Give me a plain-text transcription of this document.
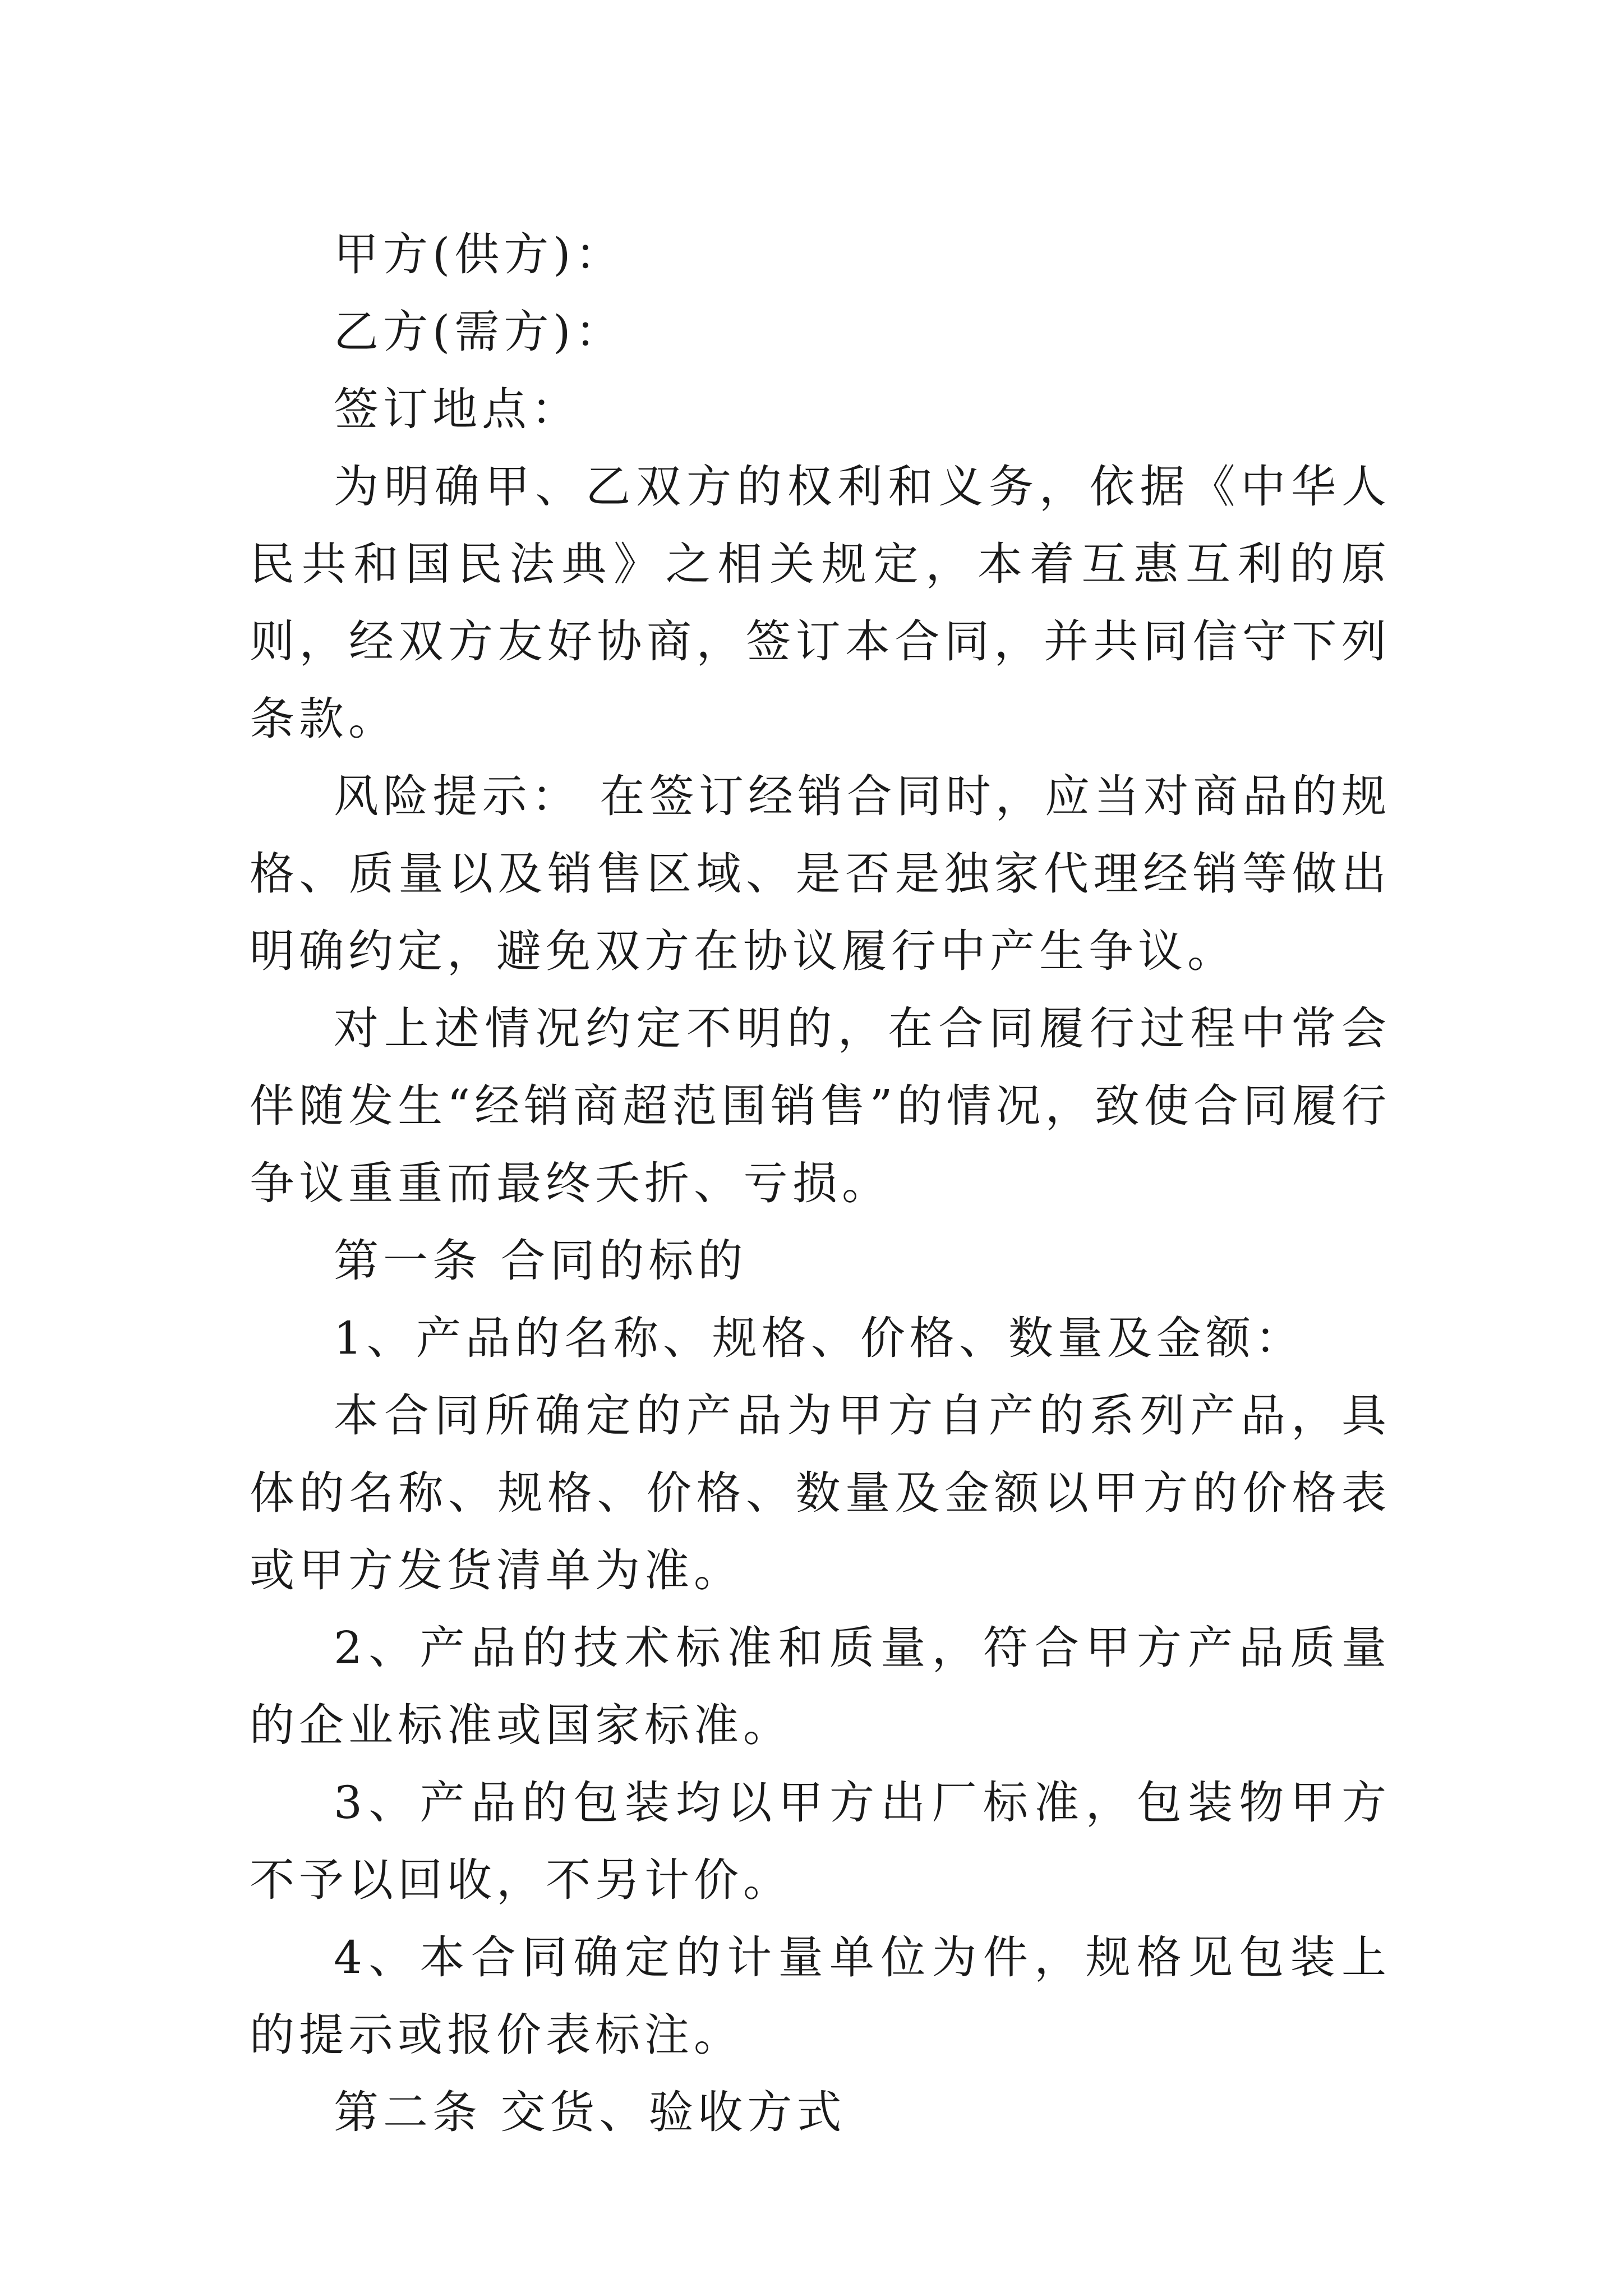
甲方(供方)：

乙方(需方)：

签订地点：

为明确甲、乙双方的权利和义务，依据《中华人民共和国民法典》之相关规定，本着互惠互利的原则，经双方友好协商，签订本合同，并共同信守下列条款。

风险提示： 在签订经销合同时，应当对商品的规格、质量以及销售区域、是否是独家代理经销等做出明确约定，避免双方在协议履行中产生争议。

对上述情况约定不明的，在合同履行过程中常会伴随发生“经销商超范围销售”的情况，致使合同履行争议重重而最终夭折、亏损。

第一条 合同的标的

1、产品的名称、规格、价格、数量及金额：

本合同所确定的产品为甲方自产的系列产品，具体的名称、规格、价格、数量及金额以甲方的价格表或甲方发货清单为准。

2、产品的技术标准和质量，符合甲方产品质量的企业标准或国家标准。

3、产品的包装均以甲方出厂标准，包装物甲方不予以回收，不另计价。

4、本合同确定的计量单位为件，规格见包装上的提示或报价表标注。

第二条 交货、验收方式
